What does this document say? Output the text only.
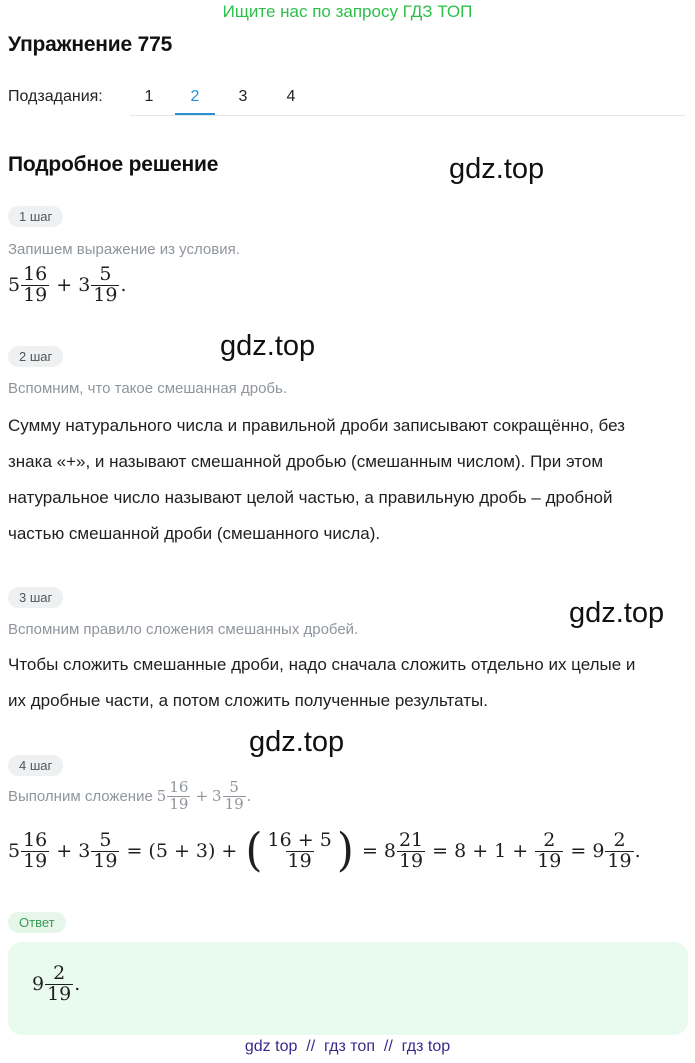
Ищите нас по запросу ГДЗ ТОП
Упражнение 775
Подзадания:	1	2	3	4
Подробное решение	gdz.top
gdz.top
gdz.top
gdz.top
1 шаг
Запишем выражение из условия.
$5 \frac{16}{19} + 3 \frac{5}{19}$ .
2 шаг
Вспомним, что такое смешанная дробь.
Сумму натурального числа и правильной дроби записывают сокращённо, без
знака «+», и называют смешанной дробью (смешанным числом). При этом
натуральное число называют целой частью, а правильную дробь – дробной
частью смешанной дроби (смешанного числа).
3 шаг
Вспомним правило сложения смешанных дробей.
Чтобы сложить смешанные дроби, надо сначала сложить отдельно их целые и
их дробные части, а потом сложить полученные результаты.
4 шаг
Выполним сложение $5 \frac{16}{19} + 3 \frac{5}{19}$ .
$5 \frac{16}{19} + 3 \frac{5}{19} = (5 + 3)$ + ( $\frac{16 + 5}{19}$ ) = $8 \frac{21}{19} = 8 + 1 + \frac{2}{19} = 9 \frac{2}{19}$ .
Ответ
$9 \frac{2}{19}$ .
gdz top  //  гдз топ  //  гдз top
